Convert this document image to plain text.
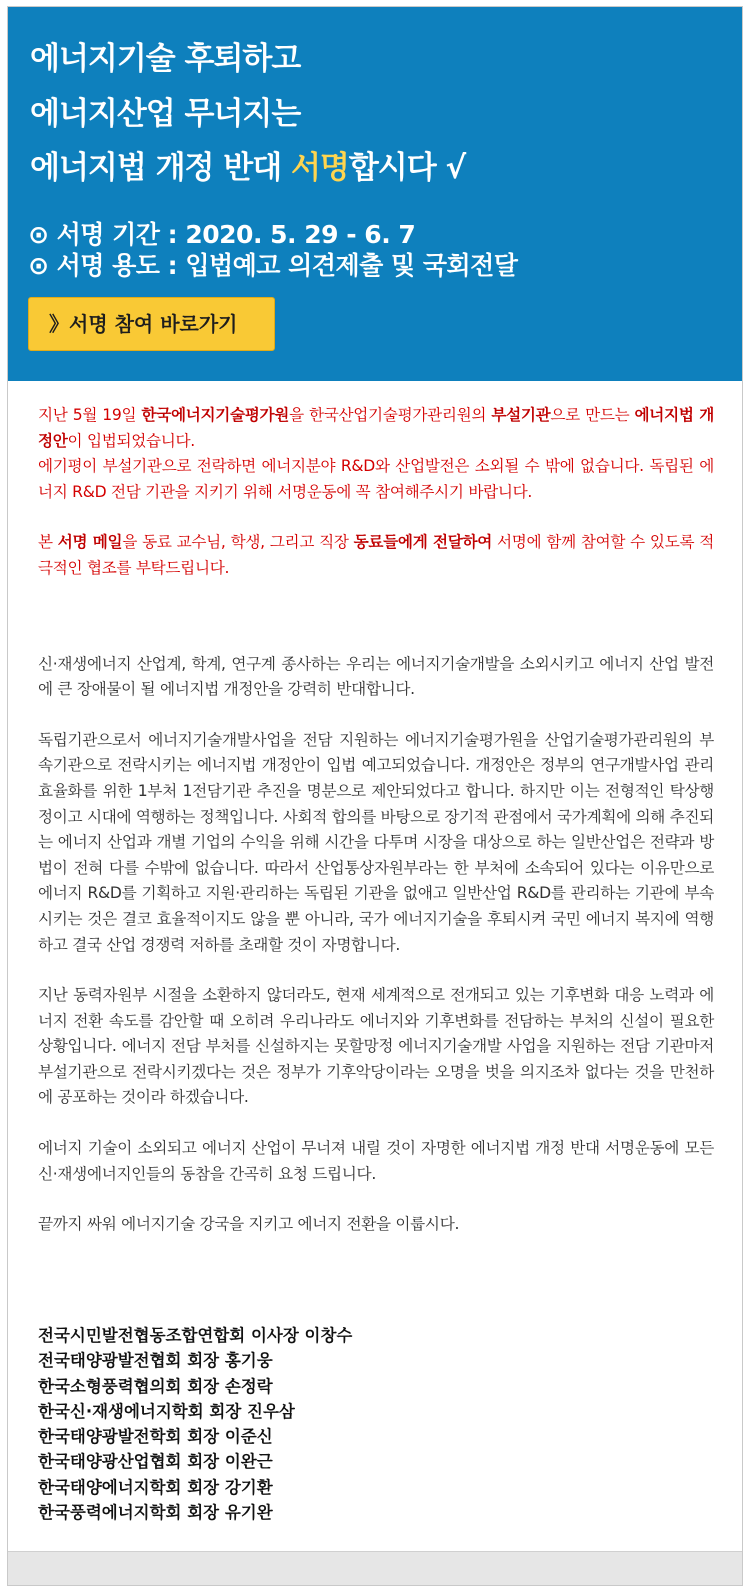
에너지기술 후퇴하고
에너지산업 무너지는
에너지법 개정 반대 서명합시다 √
⊙ 서명 기간 : 2020. 5. 29 - 6. 7
⊙ 서명 용도 : 입법예고 의견제출 및 국회전달
》서명 참여 바로가기

지난 5월 19일 한국에너지기술평가원을 한국산업기술평가관리원의 부설기관으로 만드는 에너지법 개정안이 입법되었습니다.

에기평이 부설기관으로 전락하면 에너지분야 R&D와 산업발전은 소외될 수 밖에 없습니다. 독립된 에너지 R&D 전담 기관을 지키기 위해 서명운동에 꼭 참여해주시기 바랍니다.

본 서명 메일을 동료 교수님, 학생, 그리고 직장 동료들에게 전달하여 서명에 함께 참여할 수 있도록 적극적인 협조를 부탁드립니다.

신·재생에너지 산업계, 학계, 연구계 종사하는 우리는 에너지기술개발을 소외시키고 에너지 산업 발전에 큰 장애물이 될 에너지법 개정안을 강력히 반대합니다.

독립기관으로서 에너지기술개발사업을 전담 지원하는 에너지기술평가원을 산업기술평가관리원의 부속기관으로 전락시키는 에너지법 개정안이 입법 예고되었습니다. 개정안은 정부의 연구개발사업 관리 효율화를 위한 1부처 1전담기관 추진을 명분으로 제안되었다고 합니다. 하지만 이는 전형적인 탁상행정이고 시대에 역행하는 정책입니다. 사회적 합의를 바탕으로 장기적 관점에서 국가계획에 의해 추진되는 에너지 산업과 개별 기업의 수익을 위해 시간을 다투며 시장을 대상으로 하는 일반산업은 전략과 방법이 전혀 다를 수밖에 없습니다. 따라서 산업통상자원부라는 한 부처에 소속되어 있다는 이유만으로 에너지 R&D를 기획하고 지원·관리하는 독립된 기관을 없애고 일반산업 R&D를 관리하는 기관에 부속 시키는 것은 결코 효율적이지도 않을 뿐 아니라, 국가 에너지기술을 후퇴시켜 국민 에너지 복지에 역행하고 결국 산업 경쟁력 저하를 초래할 것이 자명합니다.

지난 동력자원부 시절을 소환하지 않더라도, 현재 세계적으로 전개되고 있는 기후변화 대응 노력과 에너지 전환 속도를 감안할 때 오히려 우리나라도 에너지와 기후변화를 전담하는 부처의 신설이 필요한 상황입니다. 에너지 전담 부처를 신설하지는 못할망정 에너지기술개발 사업을 지원하는 전담 기관마저 부설기관으로 전락시키겠다는 것은 정부가 기후악당이라는 오명을 벗을 의지조차 없다는 것을 만천하에 공포하는 것이라 하겠습니다.

에너지 기술이 소외되고 에너지 산업이 무너져 내릴 것이 자명한 에너지법 개정 반대 서명운동에 모든 신·재생에너지인들의 동참을 간곡히 요청 드립니다.

끝까지 싸워 에너지기술 강국을 지키고 에너지 전환을 이룹시다.

전국시민발전협동조합연합회 이사장 이창수
전국태양광발전협회 회장 홍기웅
한국소형풍력협의회 회장 손정락
한국신·재생에너지학회 회장 진우삼
한국태양광발전학회 회장 이준신
한국태양광산업협회 회장 이완근
한국태양에너지학회 회장 강기환
한국풍력에너지학회 회장 유기완
